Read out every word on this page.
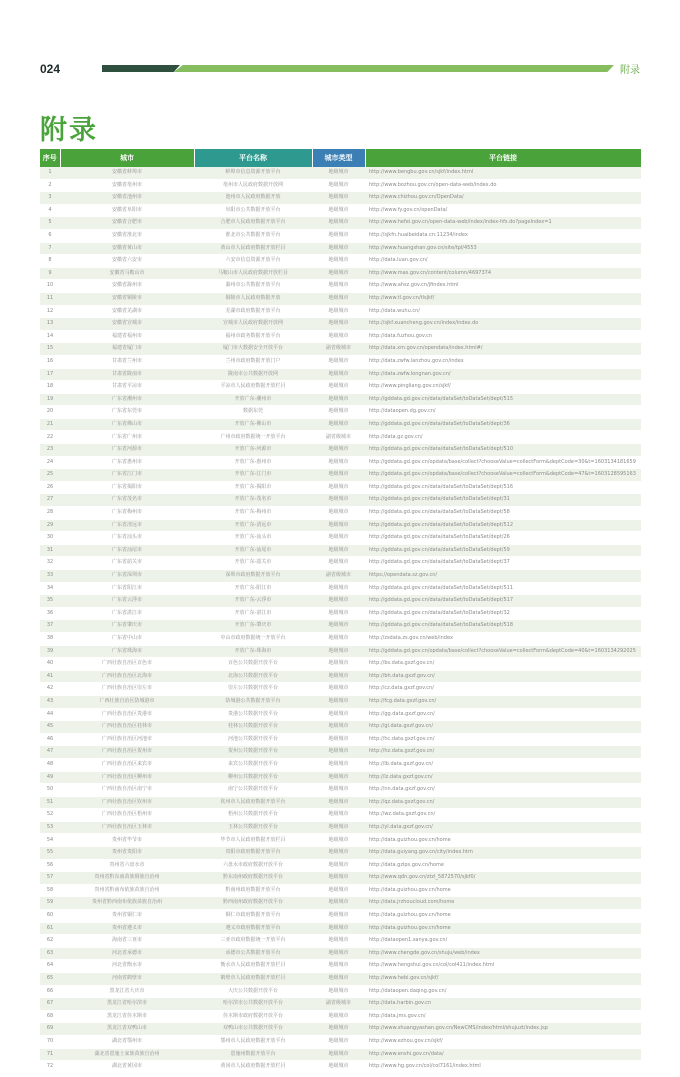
024	附录
附录
序号	城市	平台名称	城市类型	平台链接
1	安徽省蚌埠市	蚌埠市信息资源开放平台	地级城市	http://www.bengbu.gov.cn/sjkf/index.html
2	安徽省亳州市	亳州市人民政府数据开放网	地级城市	http://www.bozhou.gov.cn/open-data-web/index.do
3	安徽省池州市	池州市人民政府数据开放	地级城市	http://www.chizhou.gov.cn/OpenData/
4	安徽省阜阳市	阜阳市公共数据开放平台	地级城市	http://www.fy.gov.cn/openData/
5	安徽省合肥市	合肥市人民政府数据开放平台	地级城市	http://www.hefei.gov.cn/open-data-web/index/index-hfs.do?pageIndex=1
6	安徽省淮北市	淮北市公共数据开放平台	地级城市	http://sjkfn.huaibeidata.cn:11234/index
7	安徽省黄山市	黄山市人民政府数据开放栏目	地级城市	http://www.huangshan.gov.cn/site/tpl/4553
8	安徽省六安市	六安市信息资源开放平台	地级城市	http://data.luan.gov.cn/
9	安徽省马鞍山市	马鞍山市人民政府数据开放栏目	地级城市	http://www.mas.gov.cn/content/column/4697374
10	安徽省滁州市	滁州市公共数据开放平台	地级城市	http://www.ahsz.gov.cn/jfindex.html
11	安徽省铜陵市	铜陵市人民政府数据开放	地级城市	http://www.tl.gov.cn/tlsjkf/
12	安徽省芜湖市	芜湖市政府数据开放平台	地级城市	http://data.wuhu.cn/
13	安徽省宣城市	宣城市人民政府数据开放网	地级城市	http://sjkf.xuancheng.gov.cn/index/index.do
14	福建省福州市	福州市政务数据开放平台	地级城市	http://data.fuzhou.gov.cn
15	福建省厦门市	厦门市大数据安全开放平台	副省级城市	http://data.xm.gov.cn/opendata/index.html#/
16	甘肃省兰州市	兰州市政府数据开放门户	地级城市	http://data.zwfw.lanzhou.gov.cn/index
17	甘肃省陇南市	陇南市公共数据开放网	地级城市	http://data.zwfw.longnan.gov.cn/
18	甘肃省平凉市	平凉市人民政府数据开放栏目	地级城市	http://www.pingliang.gov.cn/sjkf/
19	广东省潮州市	开放广东-潮州市	地级城市	http://gddata.gd.gov.cn/data/dataSet/toDataSet/dept/515
20	广东省东莞市	数据东莞	地级城市	http://dataopen.dg.gov.cn/
21	广东省佛山市	开放广东-佛山市	地级城市	http://gddata.gd.gov.cn/data/dataSet/toDataSet/dept/36
22	广东省广州市	广州市政府数据统一开放平台	副省级城市	http://data.gz.gov.cn/
23	广东省河源市	开放广东-河源市	地级城市	http://gddata.gd.gov.cn/data/dataSet/toDataSet/dept/510
24	广东省惠州市	开放广东-惠州市	地级城市	http://gddata.gd.gov.cn/opdata/base/collect?chooseValue=collectForm&deptCode=30&t=1603134181659
25	广东省江门市	开放广东-江门市	地级城市	http://gddata.gd.gov.cn/opdata/base/collect?chooseValue=collectForm&deptCode=47&t=1603128595163
26	广东省揭阳市	开放广东-揭阳市	地级城市	http://gddata.gd.gov.cn/data/dataSet/toDataSet/dept/516
27	广东省茂名市	开放广东-茂名市	地级城市	http://gddata.gd.gov.cn/data/dataSet/toDataSet/dept/31
28	广东省梅州市	开放广东-梅州市	地级城市	http://gddata.gd.gov.cn/data/dataSet/toDataSet/dept/58
29	广东省清远市	开放广东-清远市	地级城市	http://gddata.gd.gov.cn/data/dataSet/toDataSet/dept/512
30	广东省汕头市	开放广东-汕头市	地级城市	http://gddata.gd.gov.cn/data/dataSet/toDataSet/dept/26
31	广东省汕尾市	开放广东-汕尾市	地级城市	http://gddata.gd.gov.cn/data/dataSet/toDataSet/dept/59
32	广东省韶关市	开放广东-韶关市	地级城市	http://gddata.gd.gov.cn/data/dataSet/toDataSet/dept/37
33	广东省深圳市	深圳市政府数据开放平台	副省级城市	https://opendata.sz.gov.cn/
34	广东省阳江市	开放广东-阳江市	地级城市	http://gddata.gd.gov.cn/data/dataSet/toDataSet/dept/511
35	广东省云浮市	开放广东-云浮市	地级城市	http://gddata.gd.gov.cn/data/dataSet/toDataSet/dept/517
36	广东省湛江市	开放广东-湛江市	地级城市	http://gddata.gd.gov.cn/data/dataSet/toDataSet/dept/32
37	广东省肇庆市	开放广东-肇庆市	地级城市	http://gddata.gd.gov.cn/data/dataSet/toDataSet/dept/518
38	广东省中山市	中山市政府数据统一开放平台	地级城市	http://zsdata.zs.gov.cn/web/index
39	广东省珠海市	开放广东-珠海市	地级城市	http://gddata.gd.gov.cn/opdata/base/collect?chooseValue=collectForm&deptCode=40&t=1603134292025
40	广西壮族自治区百色市	百色公共数据开放平台	地级城市	http://bs.data.gxzf.gov.cn/
41	广西壮族自治区北海市	北海公共数据开放平台	地级城市	http://bh.data.gxzf.gov.cn/
42	广西壮族自治区崇左市	崇左公共数据开放平台	地级城市	http://cz.data.gxzf.gov.cn/
43	广西壮族自治区防城港市	防城港公共数据开放平台	地级城市	http://fcg.data.gxzf.gov.cn/
44	广西壮族自治区贵港市	贵港公共数据开放平台	地级城市	http://gg.data.gxzf.gov.cn/
45	广西壮族自治区桂林市	桂林公共数据开放平台	地级城市	http://gl.data.gxzf.gov.cn/
46	广西壮族自治区河池市	河池公共数据开放平台	地级城市	http://hc.data.gxzf.gov.cn/
47	广西壮族自治区贺州市	贺州公共数据开放平台	地级城市	http://hz.data.gxzf.gov.cn/
48	广西壮族自治区来宾市	来宾公共数据开放平台	地级城市	http://lb.data.gxzf.gov.cn/
49	广西壮族自治区柳州市	柳州公共数据开放平台	地级城市	http://lz.data.gxzf.gov.cn/
50	广西壮族自治区南宁市	南宁公共数据开放平台	地级城市	http://nn.data.gxzf.gov.cn/
51	广西壮族自治区钦州市	钦州市人民政府数据开放平台	地级城市	http://qz.data.gxzf.gov.cn/
52	广西壮族自治区梧州市	梧州公共数据开放平台	地级城市	http://wz.data.gxzf.gov.cn/
53	广西壮族自治区玉林市	玉林公共数据开放平台	地级城市	http://yl.data.gxzf.gov.cn/
54	贵州省毕节市	毕节市人民政府数据开放栏目	地级城市	http://data.guizhou.gov.cn/home
55	贵州省贵阳市	贵阳市政府数据开放平台	地级城市	http://data.guiyang.gov.cn/city/index.htm
56	贵州省六盘水市	六盘水市政府数据开放平台	地级城市	http://data.gzlps.gov.cn/home
57	贵州省黔东南苗族侗族自治州	黔东南州政府数据开放平台	地级城市	http://www.qdn.gov.cn/ztzl_5872570/sjkf0/
58	贵州省黔南布依族苗族自治州	黔南州政府数据开放平台	地级城市	http://data.guizhou.gov.cn/home
59	贵州省黔西南布依族苗族自治州	黔西南州政府数据开放平台	地级城市	http://data.jrzhoucloud.com/home
60	贵州省铜仁市	铜仁市政府数据开放平台	地级城市	http://data.guizhou.gov.cn/home
61	贵州省遵义市	遵义市政府数据开放平台	地级城市	http://data.guizhou.gov.cn/home
62	海南省三亚市	三亚市政府数据统一开放平台	地级城市	http://dataopen1.sanya.gov.cn/
63	河北省承德市	承德市公共数据开放平台	地级城市	http://www.chengde.gov.cn/shuju/web/index
64	河北省衡水市	衡水市人民政府数据开放栏目	地级城市	http://www.hengshui.gov.cn/col/col411/index.html
65	河南省鹤壁市	鹤壁市人民政府数据开放栏目	地级城市	http://www.hebi.gov.cn/sjkf/
66	黑龙江省大庆市	大庆公共数据开放平台	地级城市	http://dataopen.daqing.gov.cn/
67	黑龙江省哈尔滨市	哈尔滨市公共数据开放平台	副省级城市	http://data.harbin.gov.cn
68	黑龙江省佳木斯市	佳木斯市政府数据开放平台	地级城市	http://data.jms.gov.cn/
69	黑龙江省双鸭山市	双鸭山市公共数据开放平台	地级城市	http://www.shuangyashan.gov.cn/NewCMS/index/html/shujuzt/index.jsp
70	湖北省鄂州市	鄂州市人民政府数据开放平台	地级城市	http://www.ezhou.gov.cn/sjkf/
71	湖北省恩施土家族苗族自治州	恩施州数据开放平台	地级城市	http://www.enshi.gov.cn/data/
72	湖北省黄冈市	黄冈市人民政府数据开放栏目	地级城市	http://www.hg.gov.cn/col/col7161/index.html
